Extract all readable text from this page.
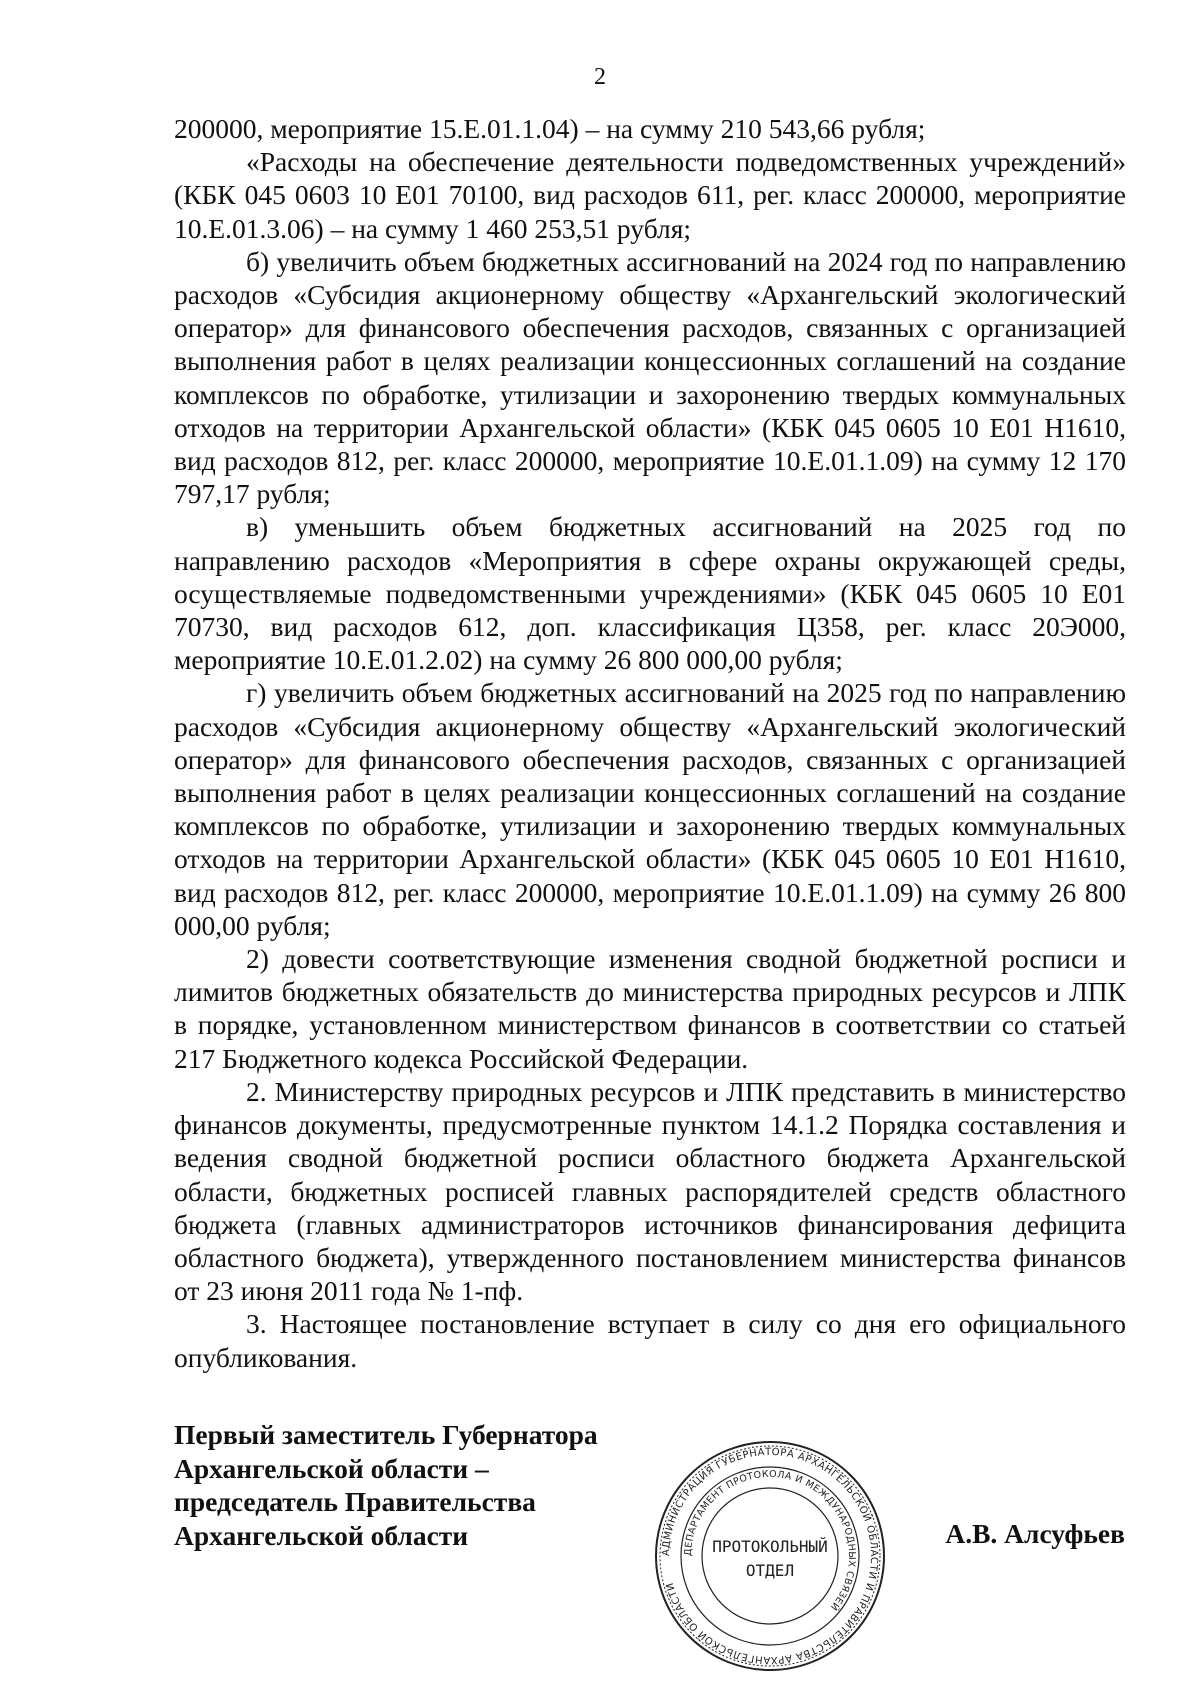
2

200000, мероприятие 15.Е.01.1.04) – на сумму 210 543,66 рубля;

«Расходы на обеспечение деятельности подведомственных учреждений» (КБК 045 0603 10 Е01 70100, вид расходов 611, рег. класс 200000, мероприятие 10.Е.01.3.06) – на сумму 1 460 253,51 рубля;

б) увеличить объем бюджетных ассигнований на 2024 год по направлению расходов «Субсидия акционерному обществу «Архангельский экологический оператор» для финансового обеспечения расходов, связанных с организацией выполнения работ в целях реализации концессионных соглашений на создание комплексов по обработке, утилизации и захоронению твердых коммунальных отходов на территории Архангельской области» (КБК 045 0605 10 Е01 Н1610, вид расходов 812, рег. класс 200000, мероприятие 10.Е.01.1.09) на сумму 12 170 797,17 рубля;

в) уменьшить объем бюджетных ассигнований на 2025 год по направлению расходов «Мероприятия в сфере охраны окружающей среды, осуществляемые подведомственными учреждениями» (КБК 045 0605 10 Е01 70730, вид расходов 612, доп. классификация Ц358, рег. класс 20Э000, мероприятие 10.Е.01.2.02) на сумму 26 800 000,00 рубля;

г) увеличить объем бюджетных ассигнований на 2025 год по направлению расходов «Субсидия акционерному обществу «Архангельский экологический оператор» для финансового обеспечения расходов, связанных с организацией выполнения работ в целях реализации концессионных соглашений на создание комплексов по обработке, утилизации и захоронению твердых коммунальных отходов на территории Архангельской области» (КБК 045 0605 10 Е01 Н1610, вид расходов 812, рег. класс 200000, мероприятие 10.Е.01.1.09) на сумму 26 800 000,00 рубля;

2) довести соответствующие изменения сводной бюджетной росписи и лимитов бюджетных обязательств до министерства природных ресурсов и ЛПК в порядке, установленном министерством финансов в соответствии со статьей 217 Бюджетного кодекса Российской Федерации.

2. Министерству природных ресурсов и ЛПК представить в министерство финансов документы, предусмотренные пунктом 14.1.2 Порядка составления и ведения сводной бюджетной росписи областного бюджета Архангельской области, бюджетных росписей главных распорядителей средств областного бюджета (главных администраторов источников финансирования дефицита областного бюджета), утвержденного постановлением министерства финансов от 23 июня 2011 года № 1-пф.

3. Настоящее постановление вступает в силу со дня его официального опубликования.

Первый заместитель Губернатора
Архангельской области –
председатель Правительства
Архангельской области	А.В. Алсуфьев
АДМИНИСТРАЦИЯ ГУБЕРНАТОРА АРХАНГЕЛЬСКОЙ ОБЛАСТИ И ПРАВИТЕЛЬСТВА АРХАНГЕЛЬСКОЙ ОБЛАСТИ
ДЕПАРТАМЕНТ ПРОТОКОЛА И МЕЖДУНАРОДНЫХ СВЯЗЕЙ
ПРОТОКОЛЬНЫЙ
ОТДЕЛ
